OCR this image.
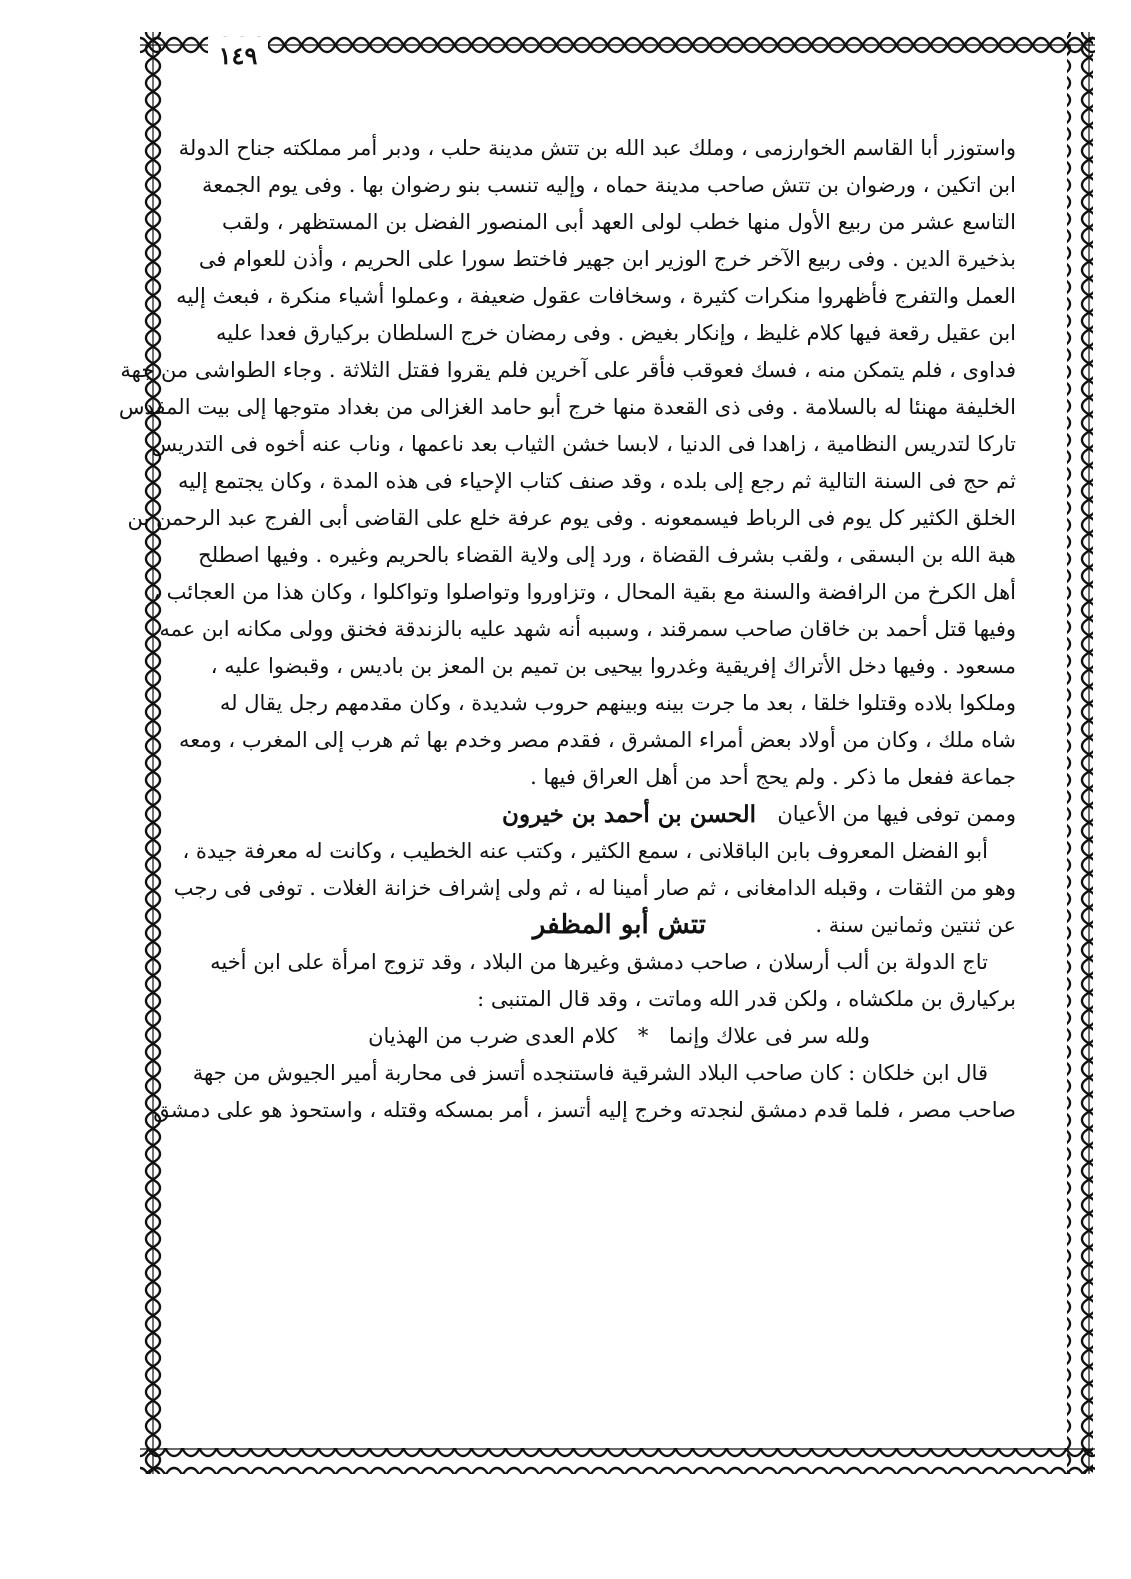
١٤٩
واستوزر أبا القاسم الخوارزمى ، وملك عبد الله بن تتش مدينة حلب ، ودبر أمر مملكته جناح الدولة
ابن اتكين ، ورضوان بن تتش صاحب مدينة حماه ، وإليه تنسب بنو رضوان بها . وفى يوم الجمعة
التاسع عشر من ربيع الأول منها خطب لولى العهد أبى المنصور الفضل بن المستظهر ، ولقب
بذخيرة الدين . وفى ربيع الآخر خرج الوزير ابن جهير فاختط سورا على الحريم ، وأذن للعوام فى
العمل والتفرج فأظهروا منكرات كثيرة ، وسخافات عقول ضعيفة ، وعملوا أشياء منكرة ، فبعث إليه
ابن عقيل رقعة فيها كلام غليظ ، وإنكار بغيض . وفى رمضان خرج السلطان بركيارق فعدا عليه
فداوى ، فلم يتمكن منه ، فسك فعوقب فأقر على آخرين فلم يقروا فقتل الثلاثة . وجاء الطواشى من جهة
الخليفة مهنئا له بالسلامة . وفى ذى القعدة منها خرج أبو حامد الغزالى من بغداد متوجها إلى بيت المقدس
تاركا لتدريس النظامية ، زاهدا فى الدنيا ، لابسا خشن الثياب بعد ناعمها ، وناب عنه أخوه فى التدريس
ثم حج فى السنة التالية ثم رجع إلى بلده ، وقد صنف كتاب الإحياء فى هذه المدة ، وكان يجتمع إليه
الخلق الكثير كل يوم فى الرباط فيسمعونه . وفى يوم عرفة خلع على القاضى أبى الفرج عبد الرحمن بن
هبة الله بن البسقى ، ولقب بشرف القضاة ، ورد إلى ولاية القضاء بالحريم وغيره . وفيها اصطلح
أهل الكرخ من الرافضة والسنة مع بقية المحال ، وتزاوروا وتواصلوا وتواكلوا ، وكان هذا من العجائب ،
وفيها قتل أحمد بن خاقان صاحب سمرقند ، وسببه أنه شهد عليه بالزندقة فخنق وولى مكانه ابن عمه
مسعود . وفيها دخل الأتراك إفريقية وغدروا بيحيى بن تميم بن المعز بن باديس ، وقبضوا عليه ،
وملكوا بلاده وقتلوا خلقا ، بعد ما جرت بينه وبينهم حروب شديدة ، وكان مقدمهم رجل يقال له
شاه ملك ، وكان من أولاد بعض أمراء المشرق ، فقدم مصر وخدم بها ثم هرب إلى المغرب ، ومعه
جماعة ففعل ما ذكر . ولم يحج أحد من أهل العراق فيها .
وممن توفى فيها من الأعيان
الحسن بن أحمد بن خيرون
أبو الفضل المعروف بابن الباقلانى ، سمع الكثير ، وكتب عنه الخطيب ، وكانت له معرفة جيدة ،
وهو من الثقات ، وقبله الدامغانى ، ثم صار أمينا له ، ثم ولى إشراف خزانة الغلات . توفى فى رجب
عن ثنتين وثمانين سنة .
تتش أبو المظفر
تاج الدولة بن ألب أرسلان ، صاحب دمشق وغيرها من البلاد ، وقد تزوج امرأة على ابن أخيه
بركيارق بن ملكشاه ، ولكن قدر الله وماتت ، وقد قال المتنبى :
ولله سر فى علاك وإنما * كلام العدى ضرب من الهذيان
قال ابن خلكان : كان صاحب البلاد الشرقية فاستنجده أتسز فى محاربة أمير الجيوش من جهة
صاحب مصر ، فلما قدم دمشق لنجدته وخرج إليه أتسز ، أمر بمسكه وقتله ، واستحوذ هو على دمشق
